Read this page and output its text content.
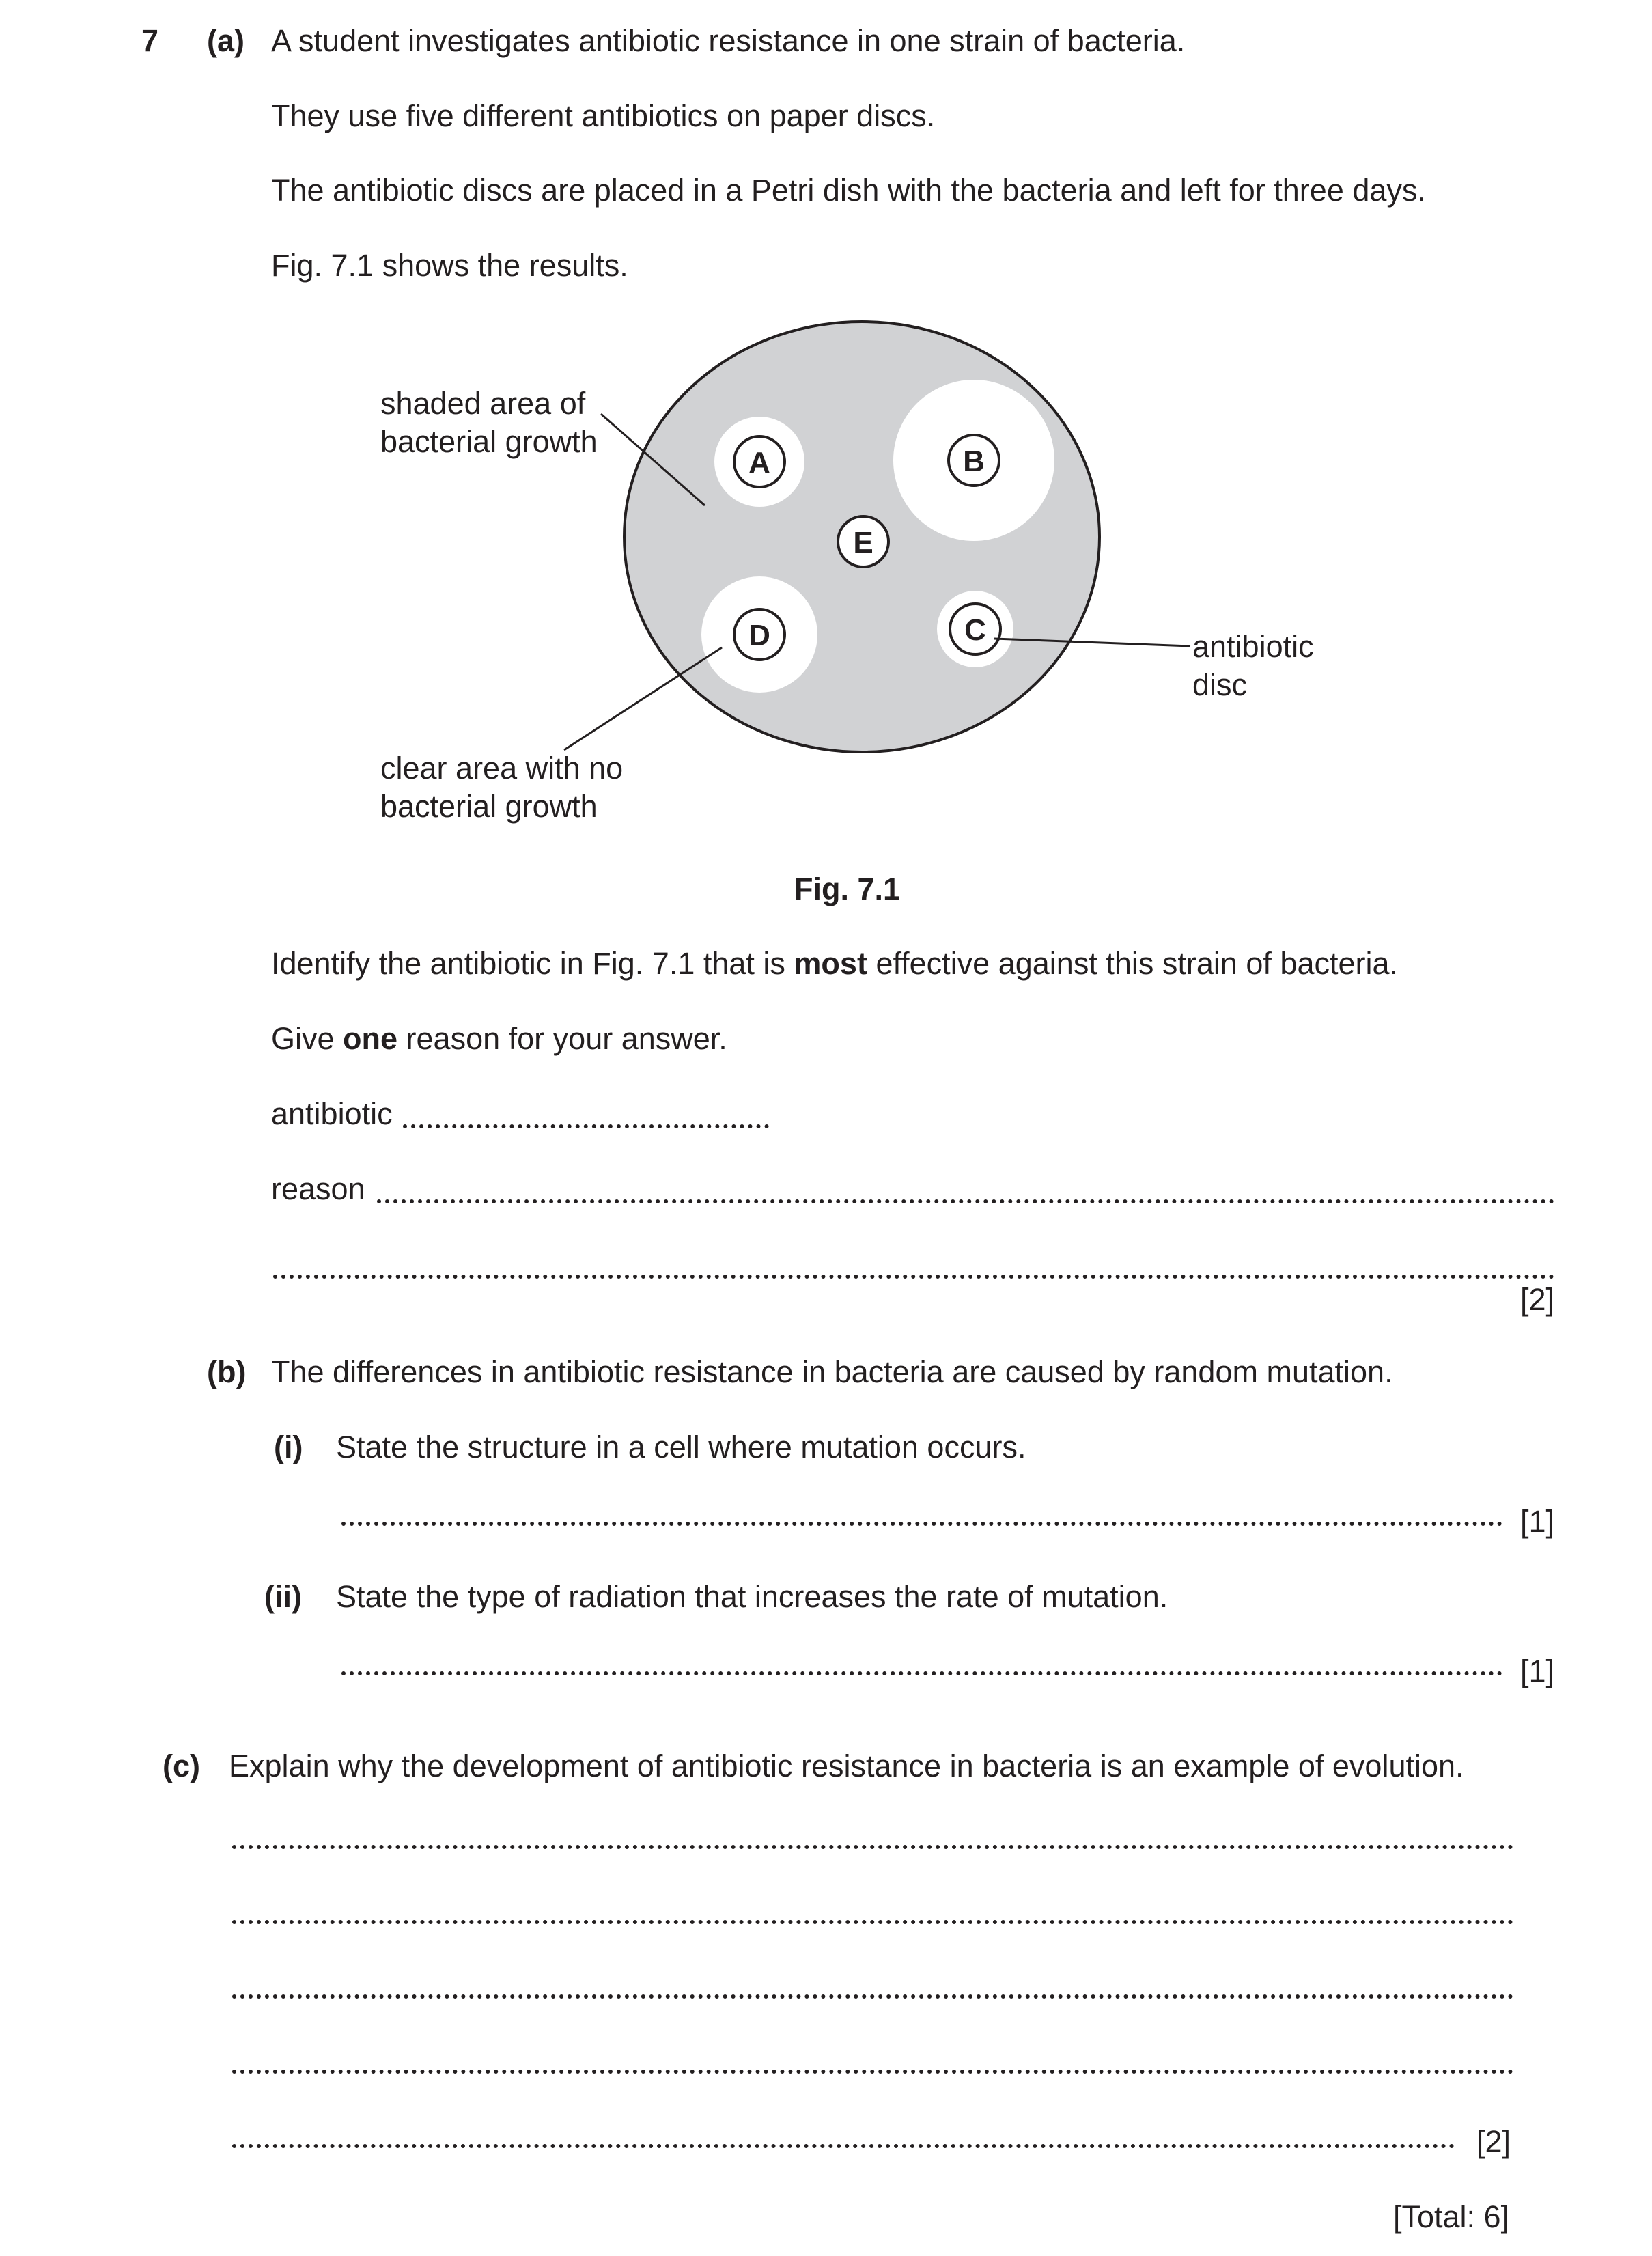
7 (a) A student investigates antibiotic resistance in one strain of bacteria.
They use five different antibiotics on paper discs.
The antibiotic discs are placed in a Petri dish with the bacteria and left for three days.
Fig. 7.1 shows the results.
A	B
C
D
E
shaded area of
bacterial growth
clear area with no
bacterial growth
antibiotic
disc
Fig. 7.1
Identify the antibiotic in Fig. 7.1 that is most effective against this strain of bacteria.
Give one reason for your answer.
antibiotic
reason
[2]
(b) The differences in antibiotic resistance in bacteria are caused by random mutation.
(i) State the structure in a cell where mutation occurs.
[1]
(ii) State the type of radiation that increases the rate of mutation.
[1]
(c) Explain why the development of antibiotic resistance in bacteria is an example of evolution.
[2]
[Total: 6]
